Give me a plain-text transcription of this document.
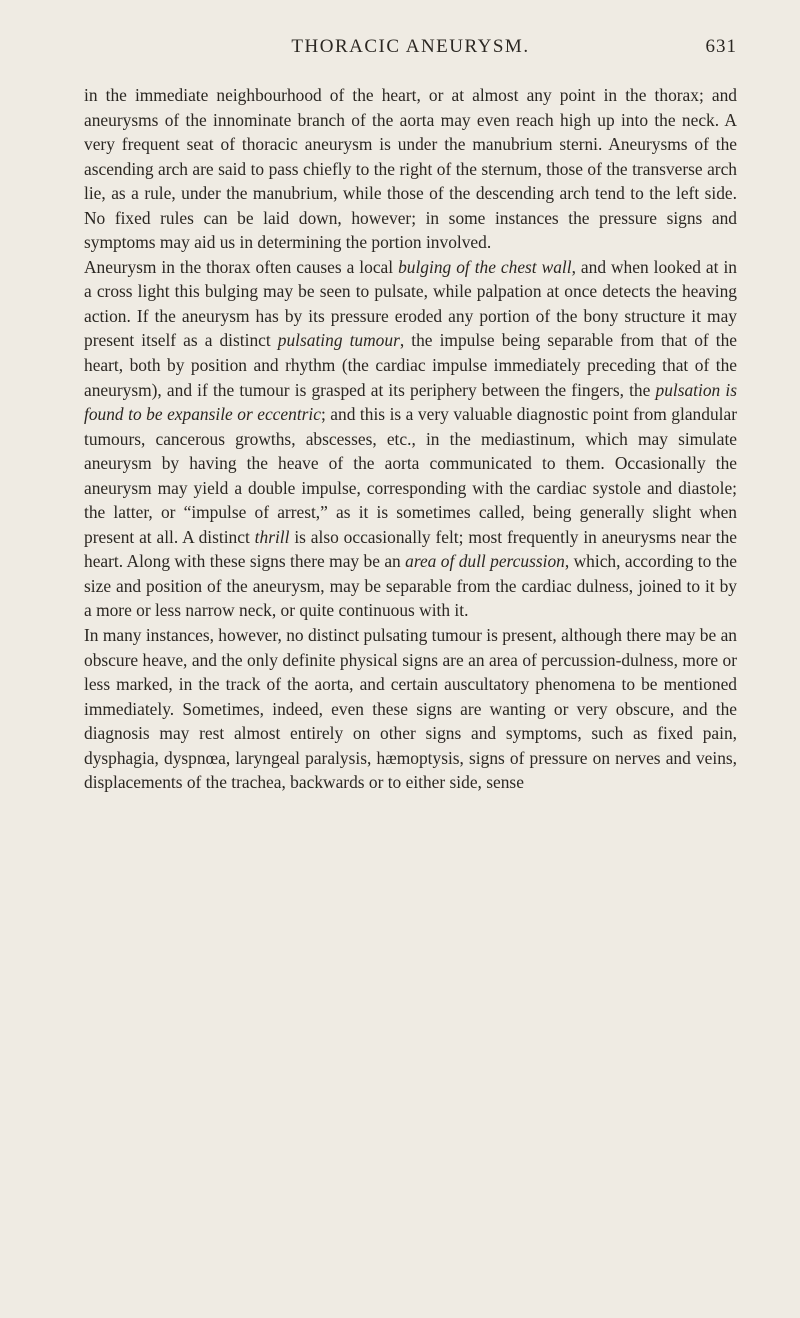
THORACIC ANEURYSM.	631

in the immediate neighbourhood of the heart, or at almost any point in the thorax; and aneurysms of the innominate branch of the aorta may even reach high up into the neck. A very frequent seat of thoracic aneurysm is under the manubrium sterni. Aneurysms of the ascending arch are said to pass chiefly to the right of the sternum, those of the transverse arch lie, as a rule, under the manubrium, while those of the descending arch tend to the left side. No fixed rules can be laid down, however; in some instances the pressure signs and symptoms may aid us in determining the portion involved.

Aneurysm in the thorax often causes a local bulging of the chest wall, and when looked at in a cross light this bulging may be seen to pulsate, while palpation at once detects the heaving action. If the aneurysm has by its pressure eroded any portion of the bony structure it may present itself as a distinct pulsating tumour, the impulse being separable from that of the heart, both by position and rhythm (the cardiac impulse immediately preceding that of the aneurysm), and if the tumour is grasped at its periphery between the fingers, the pulsation is found to be expansile or eccentric; and this is a very valuable diagnostic point from glandular tumours, cancerous growths, abscesses, etc., in the mediastinum, which may simulate aneurysm by having the heave of the aorta communicated to them. Occasionally the aneurysm may yield a double impulse, corresponding with the cardiac systole and diastole; the latter, or “impulse of arrest,” as it is sometimes called, being generally slight when present at all. A distinct thrill is also occasionally felt; most frequently in aneurysms near the heart. Along with these signs there may be an area of dull percussion, which, according to the size and position of the aneurysm, may be separable from the cardiac dulness, joined to it by a more or less narrow neck, or quite continuous with it.

In many instances, however, no distinct pulsating tumour is present, although there may be an obscure heave, and the only definite physical signs are an area of percussion-dulness, more or less marked, in the track of the aorta, and certain auscultatory phenomena to be mentioned immediately. Sometimes, indeed, even these signs are wanting or very obscure, and the diagnosis may rest almost entirely on other signs and symptoms, such as fixed pain, dysphagia, dyspnœa, laryngeal paralysis, hæmoptysis, signs of pressure on nerves and veins, displacements of the trachea, backwards or to either side, sense
